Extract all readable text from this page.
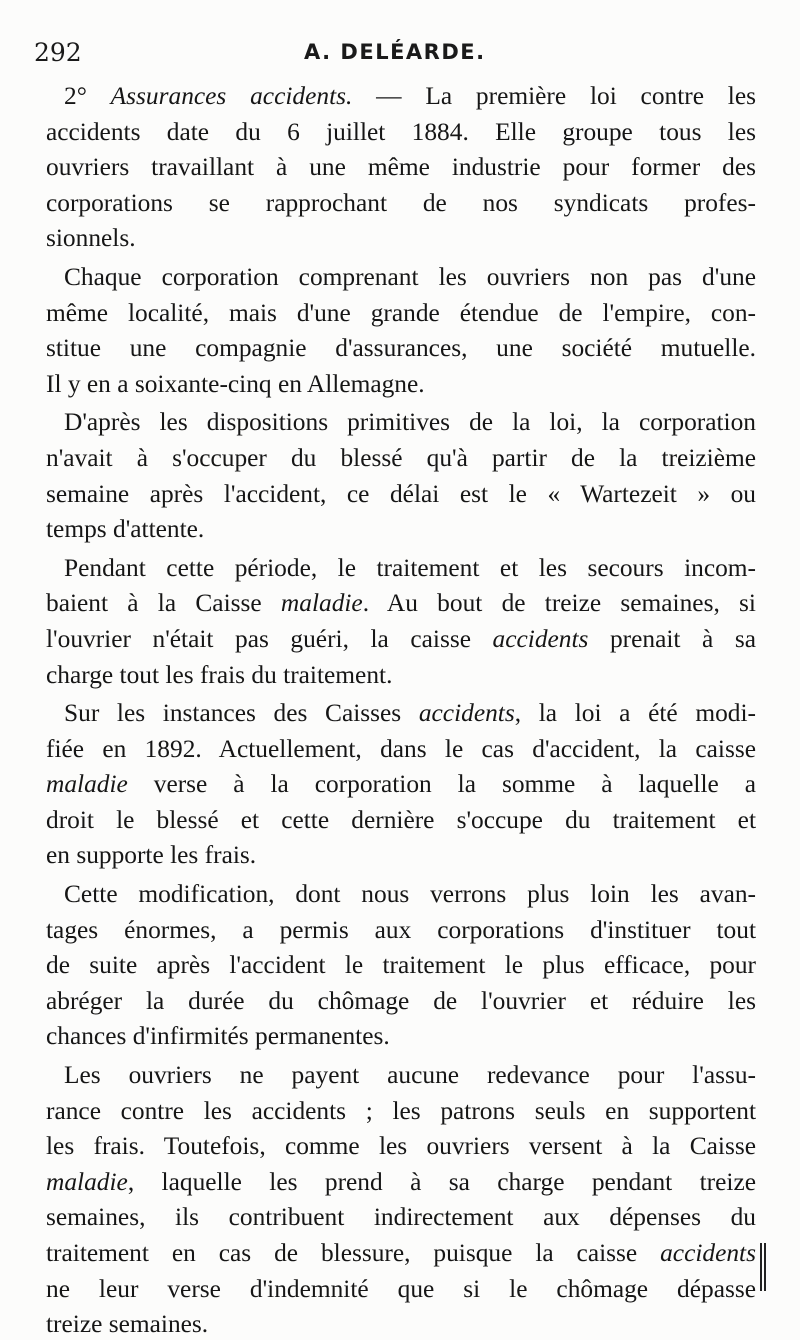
292	A. DELÉARDE.
2° Assurances accidents. — La première loi contre les
accidents date du 6 juillet 1884. Elle groupe tous les
ouvriers travaillant à une même industrie pour former des
corporations se rapprochant de nos syndicats profes-
sionnels.
Chaque corporation comprenant les ouvriers non pas d'une
même localité, mais d'une grande étendue de l'empire, con-
stitue une compagnie d'assurances, une société mutuelle.
Il y en a soixante-cinq en Allemagne.
D'après les dispositions primitives de la loi, la corporation
n'avait à s'occuper du blessé qu'à partir de la treizième
semaine après l'accident, ce délai est le « Wartezeit » ou
temps d'attente.
Pendant cette période, le traitement et les secours incom-
baient à la Caisse maladie. Au bout de treize semaines, si
l'ouvrier n'était pas guéri, la caisse accidents prenait à sa
charge tout les frais du traitement.
Sur les instances des Caisses accidents, la loi a été modi-
fiée en 1892. Actuellement, dans le cas d'accident, la caisse
maladie verse à la corporation la somme à laquelle a
droit le blessé et cette dernière s'occupe du traitement et
en supporte les frais.
Cette modification, dont nous verrons plus loin les avan-
tages énormes, a permis aux corporations d'instituer tout
de suite après l'accident le traitement le plus efficace, pour
abréger la durée du chômage de l'ouvrier et réduire les
chances d'infirmités permanentes.
Les ouvriers ne payent aucune redevance pour l'assu-
rance contre les accidents ; les patrons seuls en supportent
les frais. Toutefois, comme les ouvriers versent à la Caisse
maladie, laquelle les prend à sa charge pendant treize
semaines, ils contribuent indirectement aux dépenses du
traitement en cas de blessure, puisque la caisse accidents
ne leur verse d'indemnité que si le chômage dépasse
treize semaines.
